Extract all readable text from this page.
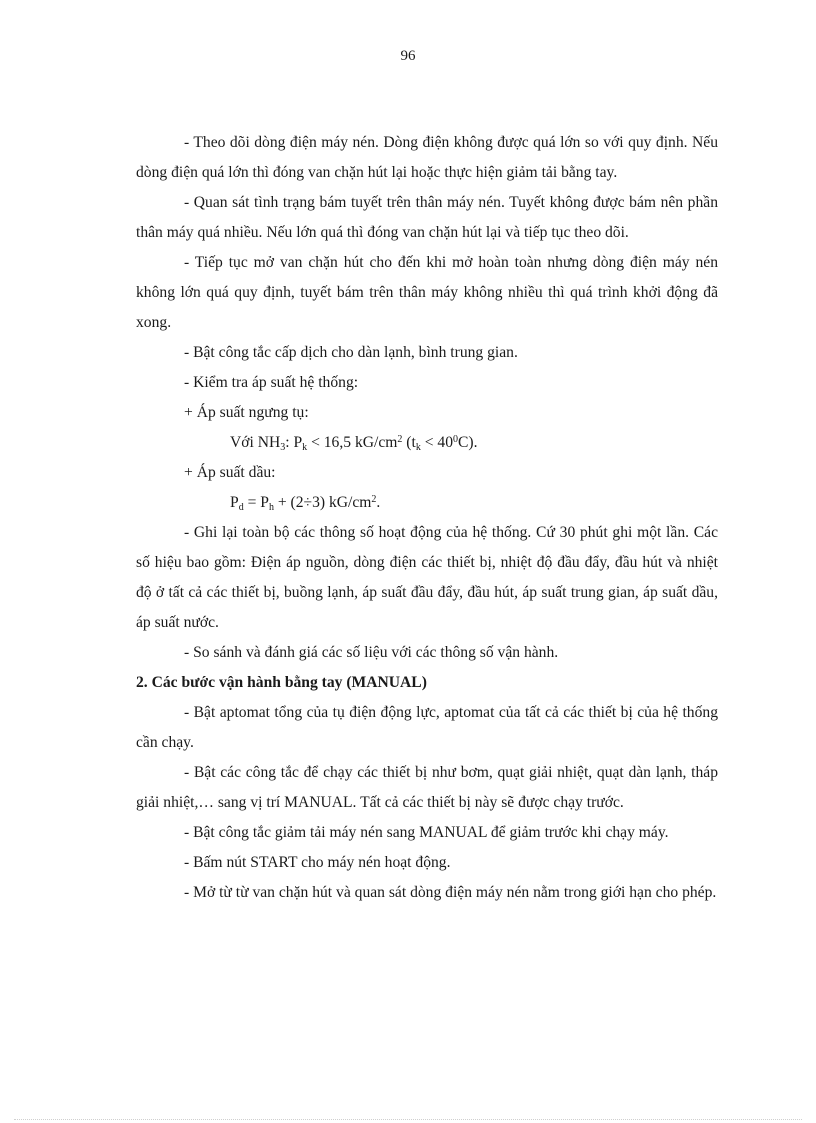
96

- Theo dõi dòng điện máy nén. Dòng điện không được quá lớn so với quy định. Nếu dòng điện quá lớn thì đóng van chặn hút lại hoặc thực hiện giảm tải bằng tay.

- Quan sát tình trạng bám tuyết trên thân máy nén. Tuyết không được bám nên phần thân máy quá nhiều. Nếu lớn quá thì đóng van chặn hút lại và tiếp tục theo dõi.

- Tiếp tục mở van chặn hút cho đến khi mở hoàn toàn nhưng dòng điện máy nén không lớn quá quy định, tuyết bám trên thân máy không nhiều thì quá trình khởi động đã xong.

- Bật công tắc cấp dịch cho dàn lạnh, bình trung gian.

- Kiểm tra áp suất hệ thống:

+ Áp suất ngưng tụ:

Với $NH_3$: $P_k < 16,5$ $kG/cm^2$ $(t_k < 40^0C)$.

+ Áp suất dầu:

$P_d = P_h + (2\div 3)$ $kG/cm^2$.

- Ghi lại toàn bộ các thông số hoạt động của hệ thống. Cứ 30 phút ghi một lần. Các số hiệu bao gồm: Điện áp nguồn, dòng điện các thiết bị, nhiệt độ đầu đẩy, đầu hút và nhiệt độ ở tất cả các thiết bị, buồng lạnh, áp suất đầu đẩy, đầu hút, áp suất trung gian, áp suất dầu, áp suất nước.

- So sánh và đánh giá các số liệu với các thông số vận hành.

2. Các bước vận hành bằng tay (MANUAL)

- Bật aptomat tổng của tụ điện động lực, aptomat của tất cả các thiết bị của hệ thống cần chạy.

- Bật các công tắc để chạy các thiết bị như bơm, quạt giải nhiệt, quạt dàn lạnh, tháp giải nhiệt,… sang vị trí MANUAL. Tất cả các thiết bị này sẽ được chạy trước.

- Bật công tắc giảm tải máy nén sang MANUAL để giảm trước khi chạy máy.

- Bấm nút START cho máy nén hoạt động.

- Mở từ từ van chặn hút và quan sát dòng điện máy nén nằm trong giới hạn cho phép.
